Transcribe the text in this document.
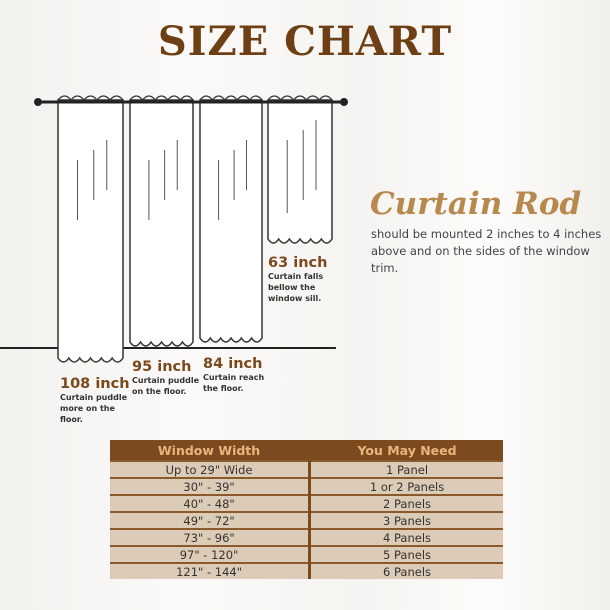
SIZE CHART
Curtain Rod
should be mounted 2 inches to 4 inches above and on the sides of the window trim.
108 inch
Curtain puddle more on the floor.
95 inch
Curtain puddle on the floor.
84 inch
Curtain reach the floor.
63 inch
Curtain falls bellow the window sill.
Window Width	You May Need
Up to 29" Wide	1 Panel
30" - 39"	1 or 2 Panels
40" - 48"	2 Panels
49" - 72"	3 Panels
73" - 96"	4 Panels
97" - 120"	5 Panels
121" - 144"	6 Panels
